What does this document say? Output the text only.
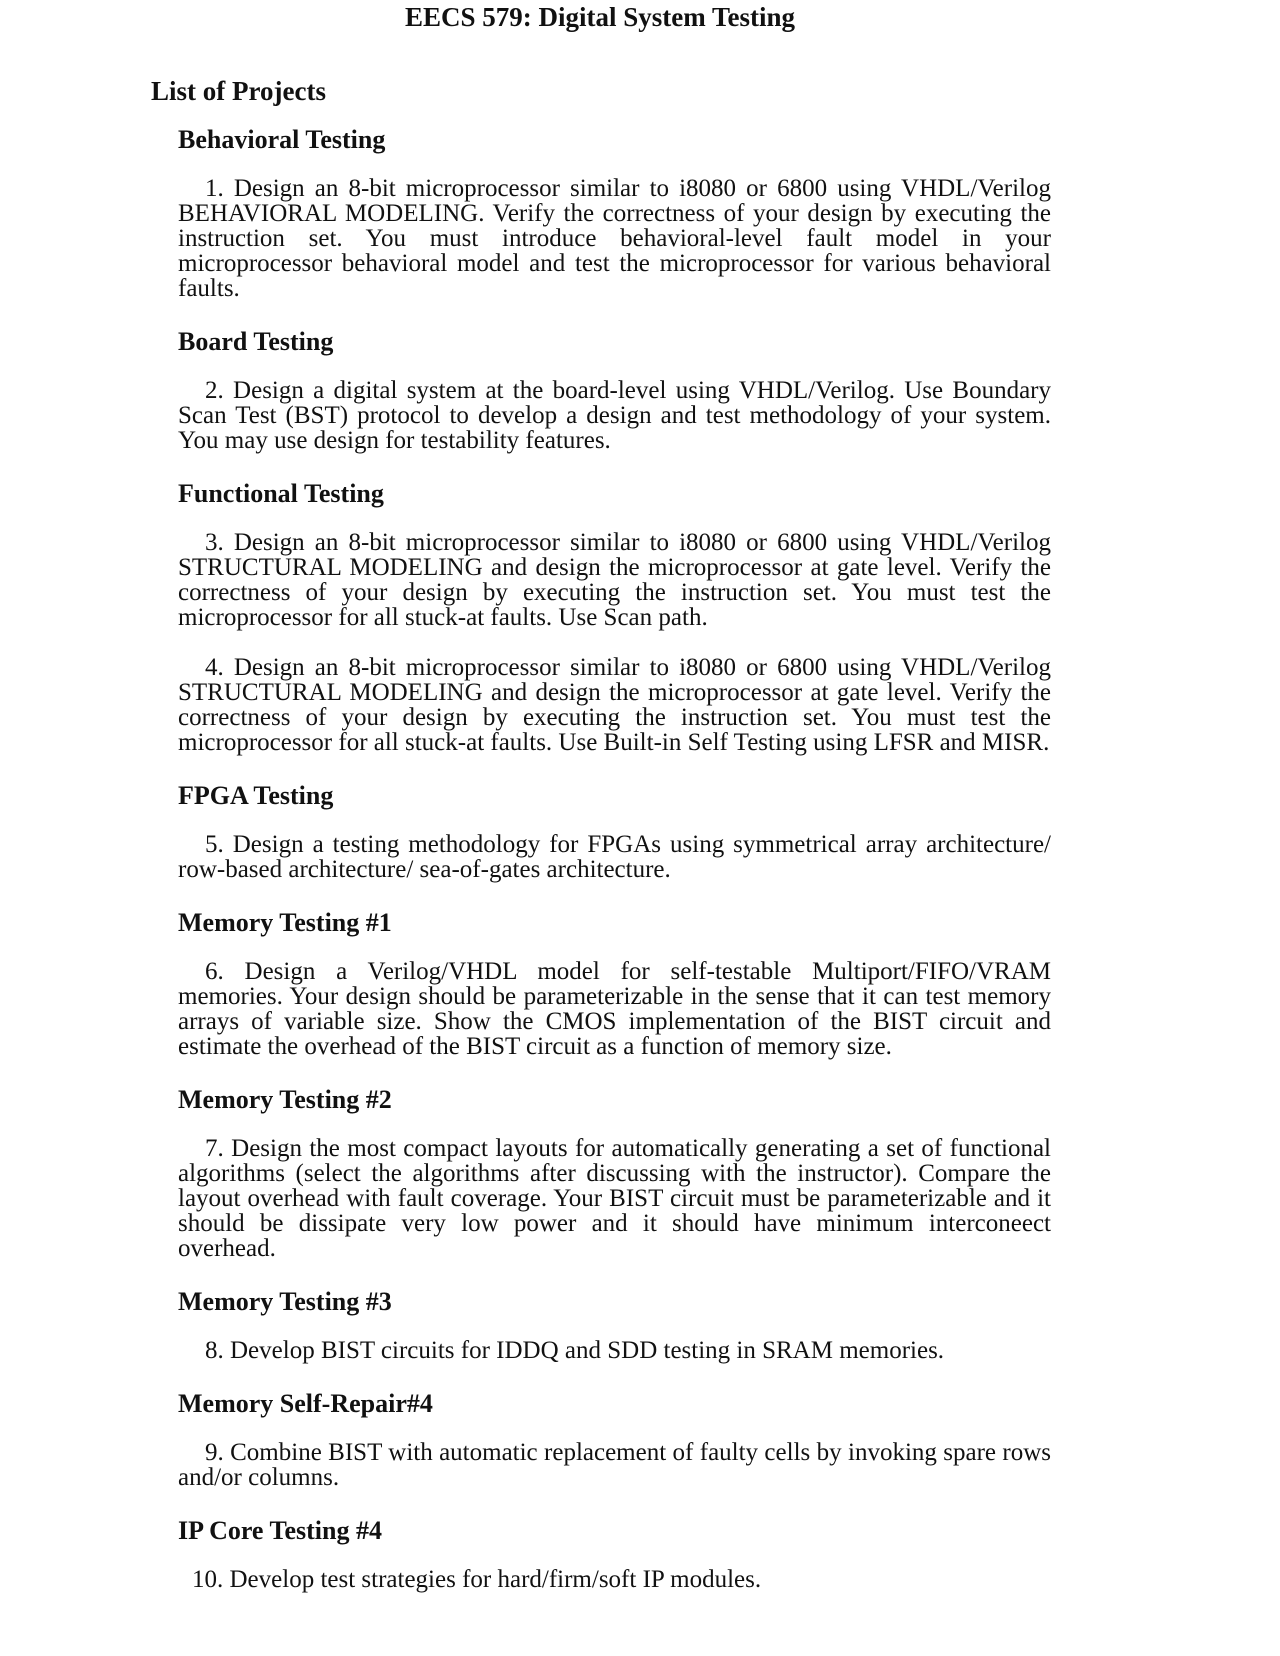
EECS 579: Digital System Testing
List of Projects
Behavioral Testing

1. Design an 8-bit microprocessor similar to i8080 or 6800 using VHDL/Verilog BEHAVIORAL MODELING. Verify the correctness of your design by executing the instruction set. You must introduce behavioral-level fault model in your microprocessor behavioral model and test the microprocessor for various behavioral faults.

Board Testing

2. Design a digital system at the board-level using VHDL/Verilog. Use Boundary Scan Test (BST) protocol to develop a design and test methodology of your system. You may use design for testability features.

Functional Testing

3. Design an 8-bit microprocessor similar to i8080 or 6800 using VHDL/Verilog STRUCTURAL MODELING and design the microprocessor at gate level. Verify the correctness of your design by executing the instruction set. You must test the microprocessor for all stuck-at faults. Use Scan path.

4. Design an 8-bit microprocessor similar to i8080 or 6800 using VHDL/Verilog STRUCTURAL MODELING and design the microprocessor at gate level. Verify the correctness of your design by executing the instruction set. You must test the microprocessor for all stuck-at faults. Use Built-in Self Testing using LFSR and MISR.

FPGA Testing

5. Design a testing methodology for FPGAs using symmetrical array architecture/ row-based architecture/ sea-of-gates architecture.

Memory Testing #1

6. Design a Verilog/VHDL model for self-testable Multiport/FIFO/VRAM memories. Your design should be parameterizable in the sense that it can test memory arrays of variable size. Show the CMOS implementation of the BIST circuit and estimate the overhead of the BIST circuit as a function of memory size.

Memory Testing #2

7. Design the most compact layouts for automatically generating a set of functional algorithms (select the algorithms after discussing with the instructor). Compare the layout overhead with fault coverage. Your BIST circuit must be parameterizable and it should be dissipate very low power and it should have minimum interconeect overhead.

Memory Testing #3

8. Develop BIST circuits for IDDQ and SDD testing in SRAM memories.

Memory Self-Repair#4

9. Combine BIST with automatic replacement of faulty cells by invoking spare rows and/or columns.

IP Core Testing #4

10. Develop test strategies for hard/firm/soft IP modules.
